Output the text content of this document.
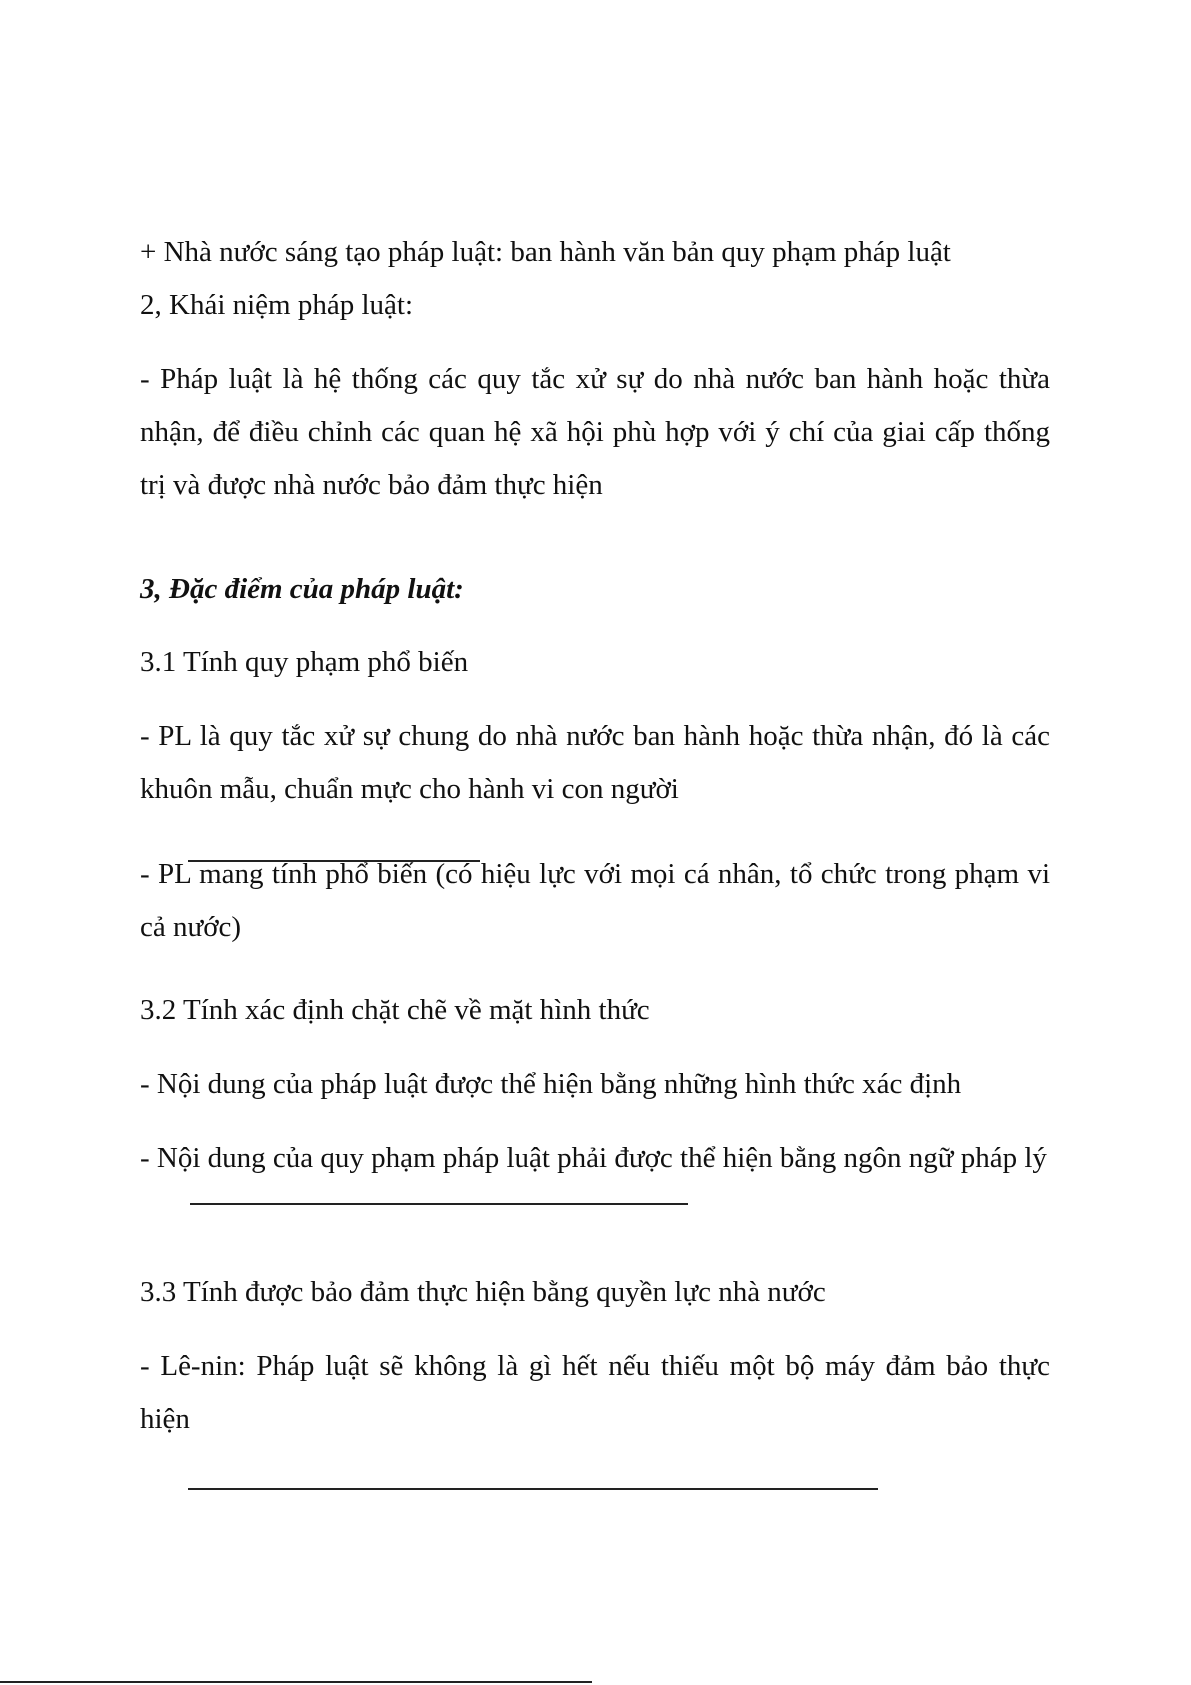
+ Nhà nước sáng tạo pháp luật: ban hành văn bản quy phạm pháp luật

2, Khái niệm pháp luật:

- Pháp luật là hệ thống các quy tắc xử sự do nhà nước ban hành hoặc thừa nhận, để điều chỉnh các quan hệ xã hội phù hợp với ý chí của giai cấp thống trị và được nhà nước bảo đảm thực hiện

3, Đặc điểm của pháp luật:

3.1 Tính quy phạm phổ biến

- PL là quy tắc xử sự chung do nhà nước ban hành hoặc thừa nhận, đó là các khuôn mẫu, chuẩn mực cho hành vi con người

- PL mang tính phổ biến (có hiệu lực với mọi cá nhân, tổ chức trong phạm vi cả nước)

3.2 Tính xác định chặt chẽ về mặt hình thức

- Nội dung của pháp luật được thể hiện bằng những hình thức xác định

- Nội dung của quy phạm pháp luật phải được thể hiện bằng ngôn ngữ pháp lý

3.3 Tính được bảo đảm thực hiện bằng quyền lực nhà nước

- Lê-nin: Pháp luật sẽ không là gì hết nếu thiếu một bộ máy đảm bảo thực hiện
